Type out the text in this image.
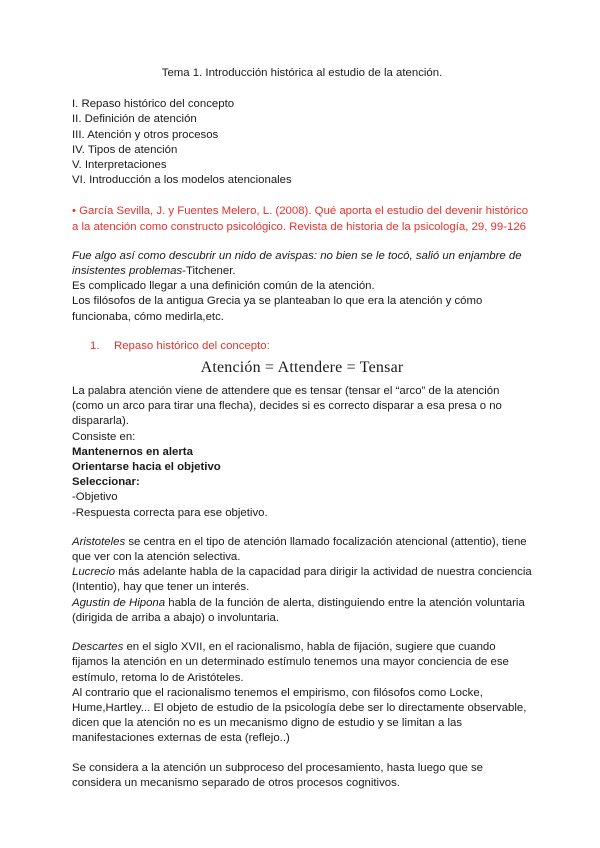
Tema 1. Introducción histórica al estudio de la atención.
I. Repaso histórico del concepto
II. Definición de atención
III. Atención y otros procesos
IV. Tipos de atención
V. Interpretaciones
VI. Introducción a los modelos atencionales
• García Sevilla, J. y Fuentes Melero, L. (2008). Qué aporta el estudio del devenir histórico a la atención como constructo psicológico. Revista de historia de la psicología, 29, 99-126

Fue algo así como descubrir un nido de avispas: no bien se le tocó, salió un enjambre de insistentes problemas-Titchener.

Es complicado llegar a una definición común de la atención.

Los filósofos de la antigua Grecia ya se planteaban lo que era la atención y cómo funcionaba, cómo medirla,etc.

1. Repaso histórico del concepto:
Atención = Attendere = Tensar

La palabra atención viene de attendere que es tensar (tensar el “arco” de la atención (como un arco para tirar una flecha), decides si es correcto disparar a esa presa o no dispararla).

Consiste en:

Mantenernos en alerta

Orientarse hacia el objetivo

Seleccionar:

-Objetivo

-Respuesta correcta para ese objetivo.

Aristoteles se centra en el tipo de atención llamado focalización atencional (attentio), tiene que ver con la atención selectiva.

Lucrecio más adelante habla de la capacidad para dirigir la actividad de nuestra conciencia (Intentio), hay que tener un interés.

Agustin de Hipona habla de la función de alerta, distinguiendo entre la atención voluntaria (dirigida de arriba a abajo) o involuntaria.

Descartes en el siglo XVII, en el racionalismo, habla de fijación, sugiere que cuando fijamos la atención en un determinado estímulo tenemos una mayor conciencia de ese estímulo, retoma lo de Aristóteles.

Al contrario que el racionalismo tenemos el empirismo, con filósofos como Locke, Hume,Hartley... El objeto de estudio de la psicología debe ser lo directamente observable, dicen que la atención no es un mecanismo digno de estudio y se limitan a las manifestaciones externas de esta (reflejo..)

Se considera a la atención un subproceso del procesamiento, hasta luego que se considera un mecanismo separado de otros procesos cognitivos.
